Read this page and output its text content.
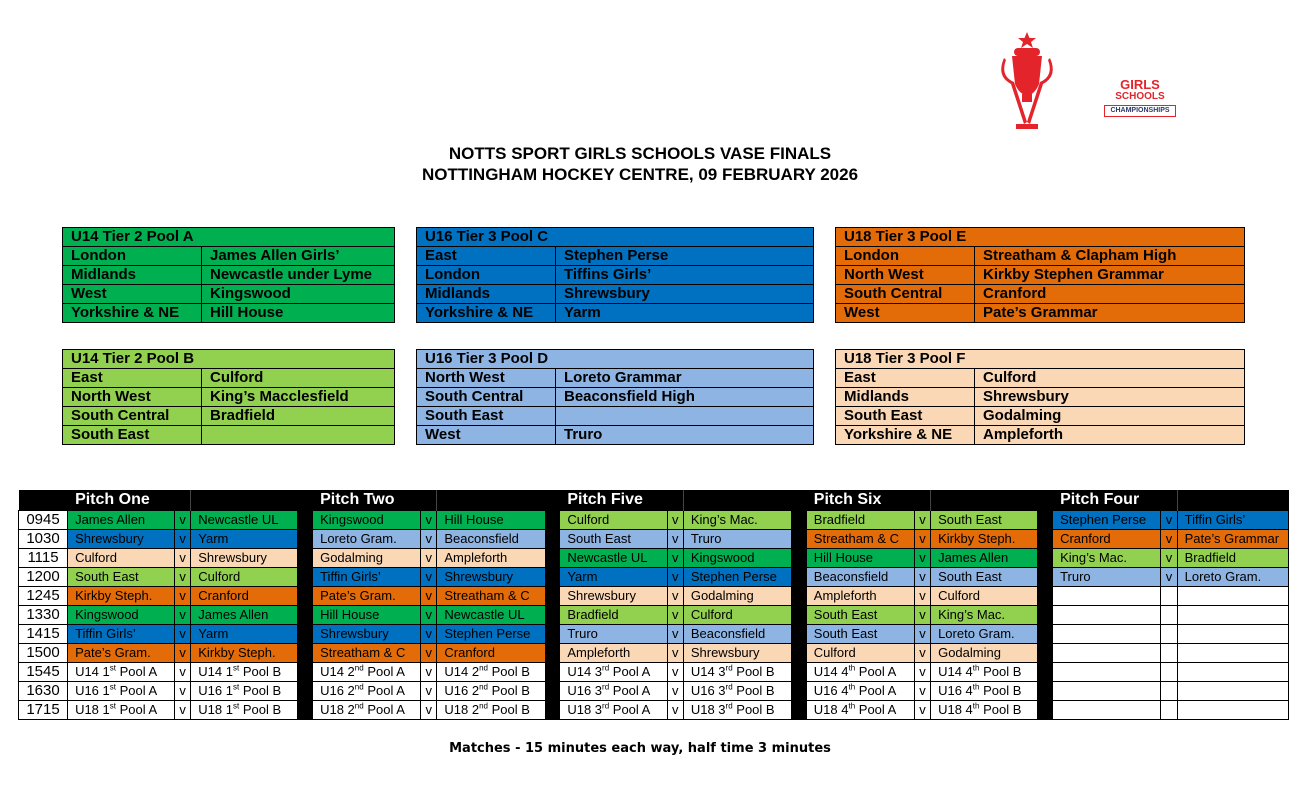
GIRLS
SCHOOLS
CHAMPIONSHIPS
NOTTS SPORT GIRLS SCHOOLS VASE FINALS
NOTTINGHAM HOCKEY CENTRE, 09 FEBRUARY 2026
U14 Tier 2 Pool A	
London	James Allen Girls’
Midlands	Newcastle under Lyme
West	Kingswood
Yorkshire & NE	Hill House
U16 Tier 3 Pool C	
East	Stephen Perse
London	Tiffins Girls’
Midlands	Shrewsbury
Yorkshire & NE	Yarm
U18 Tier 3 Pool E	
London	Streatham & Clapham High
North West	Kirkby Stephen Grammar
South Central	Cranford
West	Pate’s Grammar
U14 Tier 2 Pool B	
East	Culford
North West	King’s Macclesfield
South Central	Bradfield
South East	
U16 Tier 3 Pool D	
North West	Loreto Grammar
South Central	Beaconsfield High
South East	
West	Truro
U18 Tier 3 Pool F	
East	Culford
Midlands	Shrewsbury
South East	Godalming
Yorkshire & NE	Ampleforth
	Pitch One				Pitch Two				Pitch Five				Pitch Six				Pitch Four		
0945	James Allen	v	Newcastle UL		Kingswood	v	Hill House		Culford	v	King’s Mac.		Bradfield	v	South East		Stephen Perse	v	Tiffin Girls’
1030	Shrewsbury	v	Yarm		Loreto Gram.	v	Beaconsfield		South East	v	Truro		Streatham & C	v	Kirkby Steph.		Cranford	v	Pate’s Grammar
1115	Culford	v	Shrewsbury		Godalming	v	Ampleforth		Newcastle UL	v	Kingswood		Hill House	v	James Allen		King’s Mac.	v	Bradfield
1200	South East	v	Culford		Tiffin Girls’	v	Shrewsbury		Yarm	v	Stephen Perse		Beaconsfield	v	South East		Truro	v	Loreto Gram.
1245	Kirkby Steph.	v	Cranford		Pate’s Gram.	v	Streatham & C		Shrewsbury	v	Godalming		Ampleforth	v	Culford				
1330	Kingswood	v	James Allen		Hill House	v	Newcastle UL		Bradfield	v	Culford		South East	v	King’s Mac.				
1415	Tiffin Girls’	v	Yarm		Shrewsbury	v	Stephen Perse		Truro	v	Beaconsfield		South East	v	Loreto Gram.				
1500	Pate’s Gram.	v	Kirkby Steph.		Streatham & C	v	Cranford		Ampleforth	v	Shrewsbury		Culford	v	Godalming				
1545	U14 1st Pool A	v	U14 1st Pool B		U14 2nd Pool A	v	U14 2nd Pool B		U14 3rd Pool A	v	U14 3rd Pool B		U14 4th Pool A	v	U14 4th Pool B				
1630	U16 1st Pool A	v	U16 1st Pool B		U16 2nd Pool A	v	U16 2nd Pool B		U16 3rd Pool A	v	U16 3rd Pool B		U16 4th Pool A	v	U16 4th Pool B				
1715	U18 1st Pool A	v	U18 1st Pool B		U18 2nd Pool A	v	U18 2nd Pool B		U18 3rd Pool A	v	U18 3rd Pool B		U18 4th Pool A	v	U18 4th Pool B				
Matches - 15 minutes each way, half time 3 minutes
